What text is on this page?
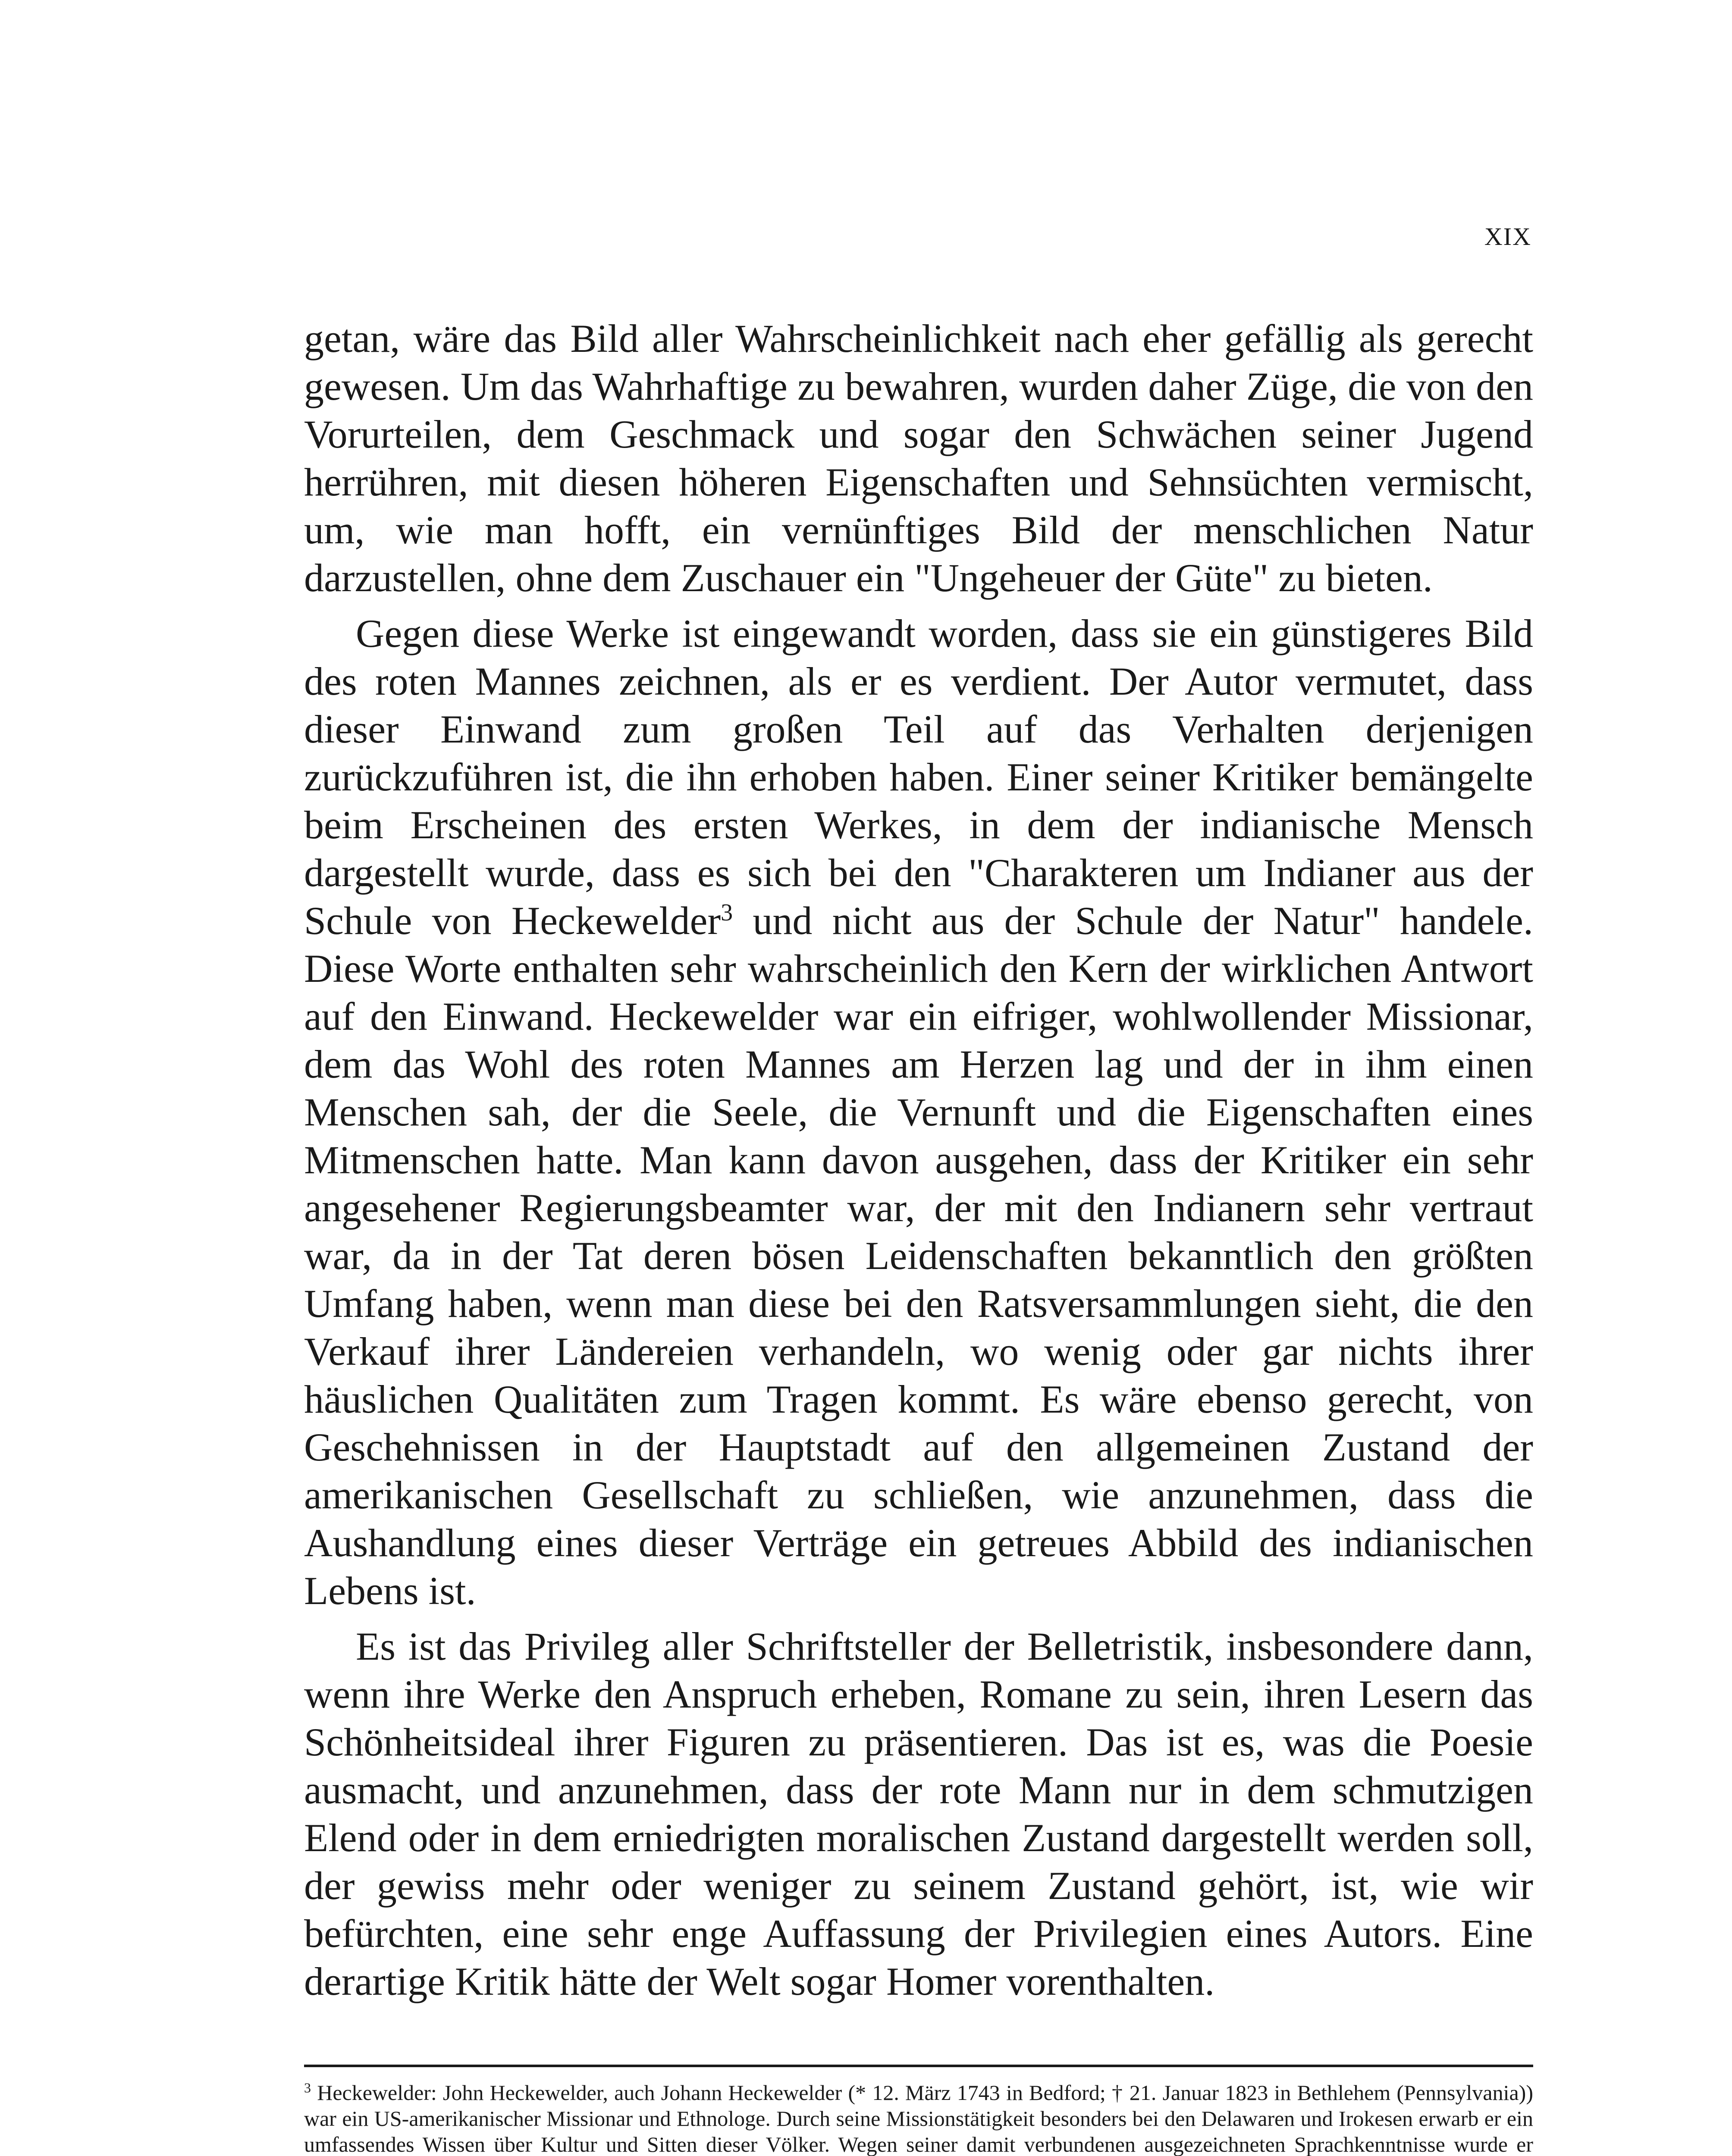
XIX

getan, wäre das Bild aller Wahrscheinlichkeit nach eher gefällig als gerecht gewesen. Um das Wahrhaftige zu bewahren, wurden daher Züge, die von den Vorurteilen, dem Geschmack und sogar den Schwächen seiner Jugend herrühren, mit diesen höheren Eigenschaften und Sehnsüchten vermischt, um, wie man hofft, ein vernünftiges Bild der menschlichen Natur darzustellen, ohne dem Zuschauer ein "Ungeheuer der Güte" zu bieten.

Gegen diese Werke ist eingewandt worden, dass sie ein günstigeres Bild des roten Mannes zeichnen, als er es verdient. Der Autor vermutet, dass dieser Einwand zum großen Teil auf das Verhalten derjenigen zurückzuführen ist, die ihn erhoben haben. Einer seiner Kritiker bemängelte beim Erscheinen des ersten Werkes, in dem der indianische Mensch dargestellt wurde, dass es sich bei den "Charakteren um Indianer aus der Schule von Heckewelder$^3$ und nicht aus der Schule der Natur" handele. Diese Worte enthalten sehr wahrscheinlich den Kern der wirklichen Antwort auf den Einwand. Heckewelder war ein eifriger, wohlwollender Missionar, dem das Wohl des roten Mannes am Herzen lag und der in ihm einen Menschen sah, der die Seele, die Vernunft und die Eigenschaften eines Mitmenschen hatte. Man kann davon ausgehen, dass der Kritiker ein sehr angesehener Regierungsbeamter war, der mit den Indianern sehr vertraut war, da in der Tat deren bösen Leidenschaften bekanntlich den größten Umfang haben, wenn man diese bei den Ratsversammlungen sieht, die den Verkauf ihrer Ländereien verhandeln, wo wenig oder gar nichts ihrer häuslichen Qualitäten zum Tragen kommt. Es wäre ebenso gerecht, von Geschehnissen in der Hauptstadt auf den allgemeinen Zustand der amerikanischen Gesellschaft zu schließen, wie anzunehmen, dass die Aushandlung eines dieser Verträge ein getreues Abbild des indianischen Lebens ist.

Es ist das Privileg aller Schriftsteller der Belletristik, insbesondere dann, wenn ihre Werke den Anspruch erheben, Romane zu sein, ihren Lesern das Schönheitsideal ihrer Figuren zu präsentieren. Das ist es, was die Poesie ausmacht, und anzunehmen, dass der rote Mann nur in dem schmutzigen Elend oder in dem erniedrigten moralischen Zustand dargestellt werden soll, der gewiss mehr oder weniger zu seinem Zustand gehört, ist, wie wir befürchten, eine sehr enge Auffassung der Privilegien eines Autors. Eine derartige Kritik hätte der Welt sogar Homer vorenthalten.

$^3$ Heckewelder: John Heckewelder, auch Johann Heckewelder (* 12. März 1743 in Bedford; † 21. Januar 1823 in Bethlehem (Pennsylvania)) war ein US-amerikanischer Missionar und Ethnologe. Durch seine Missionstätigkeit besonders bei den Delawaren und Irokesen erwarb er ein umfassendes Wissen über Kultur und Sitten dieser Völker. Wegen seiner damit verbundenen ausgezeichneten Sprachkenntnisse wurde er
